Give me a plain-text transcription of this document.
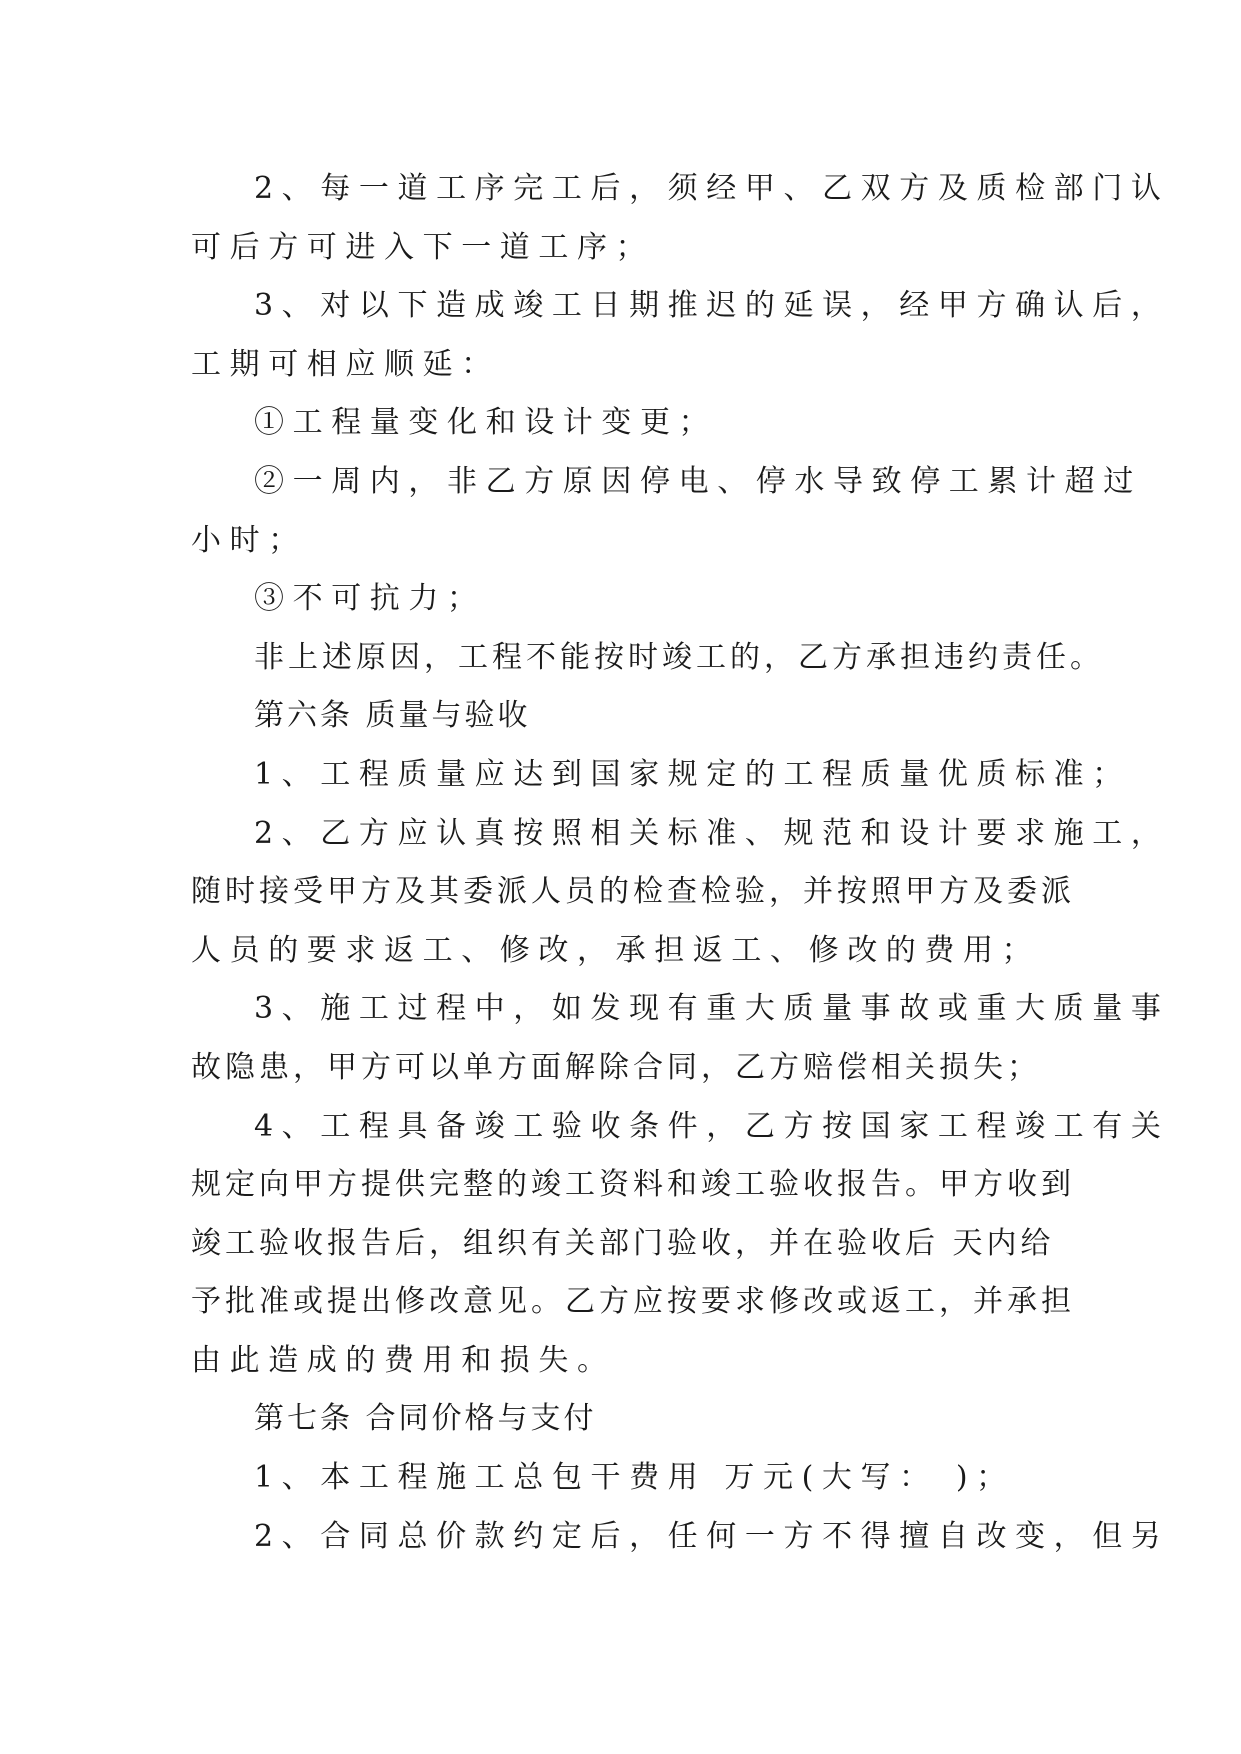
2、每一道工序完工后，须经甲、乙双方及质检部门认
可后方可进入下一道工序；
3、对以下造成竣工日期推迟的延误，经甲方确认后，
工期可相应顺延：
①工程量变化和设计变更；
②一周内，非乙方原因停电、停水导致停工累计超过
小时；
③不可抗力；
非上述原因，工程不能按时竣工的，乙方承担违约责任。
第六条 质量与验收
1、工程质量应达到国家规定的工程质量优质标准；
2、乙方应认真按照相关标准、规范和设计要求施工，
随时接受甲方及其委派人员的检查检验，并按照甲方及委派
人员的要求返工、修改，承担返工、修改的费用；
3、施工过程中，如发现有重大质量事故或重大质量事
故隐患，甲方可以单方面解除合同，乙方赔偿相关损失；
4、工程具备竣工验收条件，乙方按国家工程竣工有关
规定向甲方提供完整的竣工资料和竣工验收报告。甲方收到
竣工验收报告后，组织有关部门验收，并在验收后 天内给
予批准或提出修改意见。乙方应按要求修改或返工，并承担
由此造成的费用和损失。
第七条 合同价格与支付
1、本工程施工总包干费用 万元(大写： )；
2、合同总价款约定后，任何一方不得擅自改变，但另
